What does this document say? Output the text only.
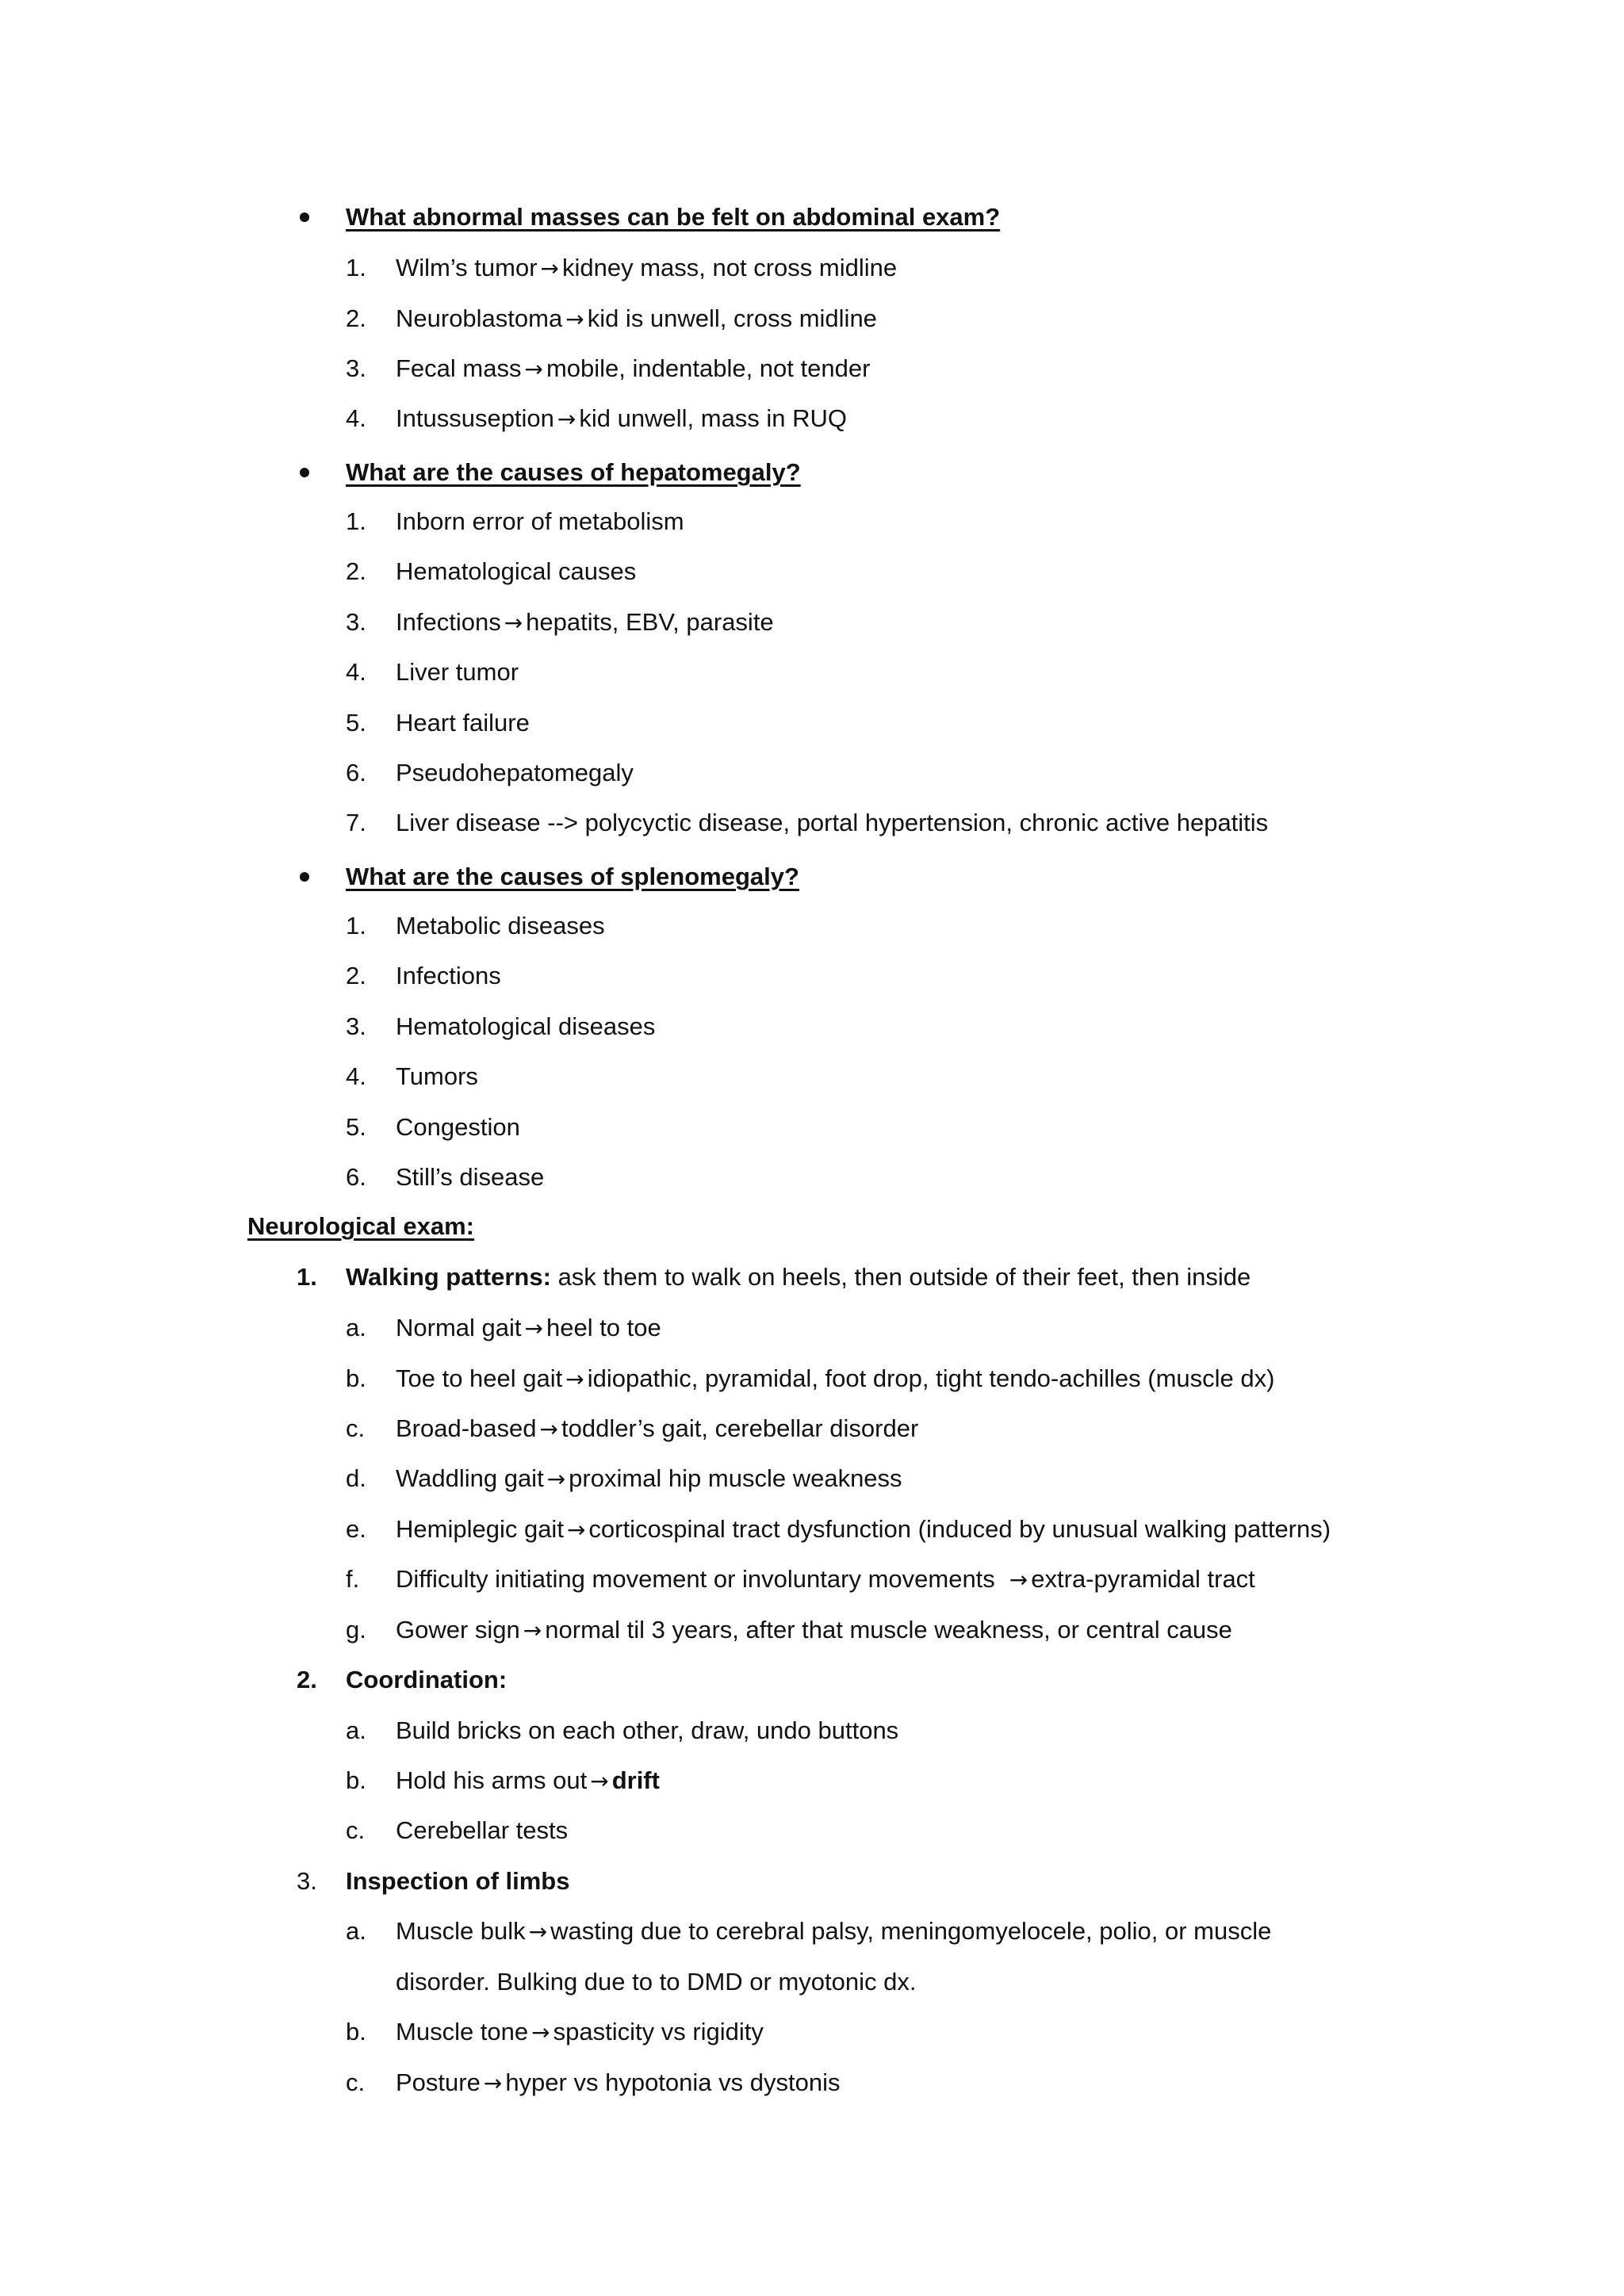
What abnormal masses can be felt on abdominal exam?
1. Wilm’s tumor → kidney mass, not cross midline
2. Neuroblastoma → kid is unwell, cross midline
3. Fecal mass → mobile, indentable, not tender
4. Intussuseption → kid unwell, mass in RUQ
What are the causes of hepatomegaly?
1. Inborn error of metabolism
2. Hematological causes
3. Infections → hepatits, EBV, parasite
4. Liver tumor
5. Heart failure
6. Pseudohepatomegaly
7. Liver disease --> polycyctic disease, portal hypertension, chronic active hepatitis
What are the causes of splenomegaly?
1. Metabolic diseases
2. Infections
3. Hematological diseases
4. Tumors
5. Congestion
6. Still’s disease
Neurological exam:
1. Walking patterns: ask them to walk on heels, then outside of their feet, then inside
a. Normal gait → heel to toe
b. Toe to heel gait → idiopathic, pyramidal, foot drop, tight tendo-achilles (muscle dx)
c. Broad-based → toddler’s gait, cerebellar disorder
d. Waddling gait → proximal hip muscle weakness
e. Hemiplegic gait → corticospinal tract dysfunction (induced by unusual walking patterns)
f. Difficulty initiating movement or involuntary movements → extra-pyramidal tract
g. Gower sign → normal til 3 years, after that muscle weakness, or central cause
2. Coordination:
a. Build bricks on each other, draw, undo buttons
b. Hold his arms out → drift
c. Cerebellar tests
3. Inspection of limbs
a. Muscle bulk → wasting due to cerebral palsy, meningomyelocele, polio, or muscle
disorder. Bulking due to to DMD or myotonic dx.
b. Muscle tone → spasticity vs rigidity
c. Posture → hyper vs hypotonia vs dystonis
